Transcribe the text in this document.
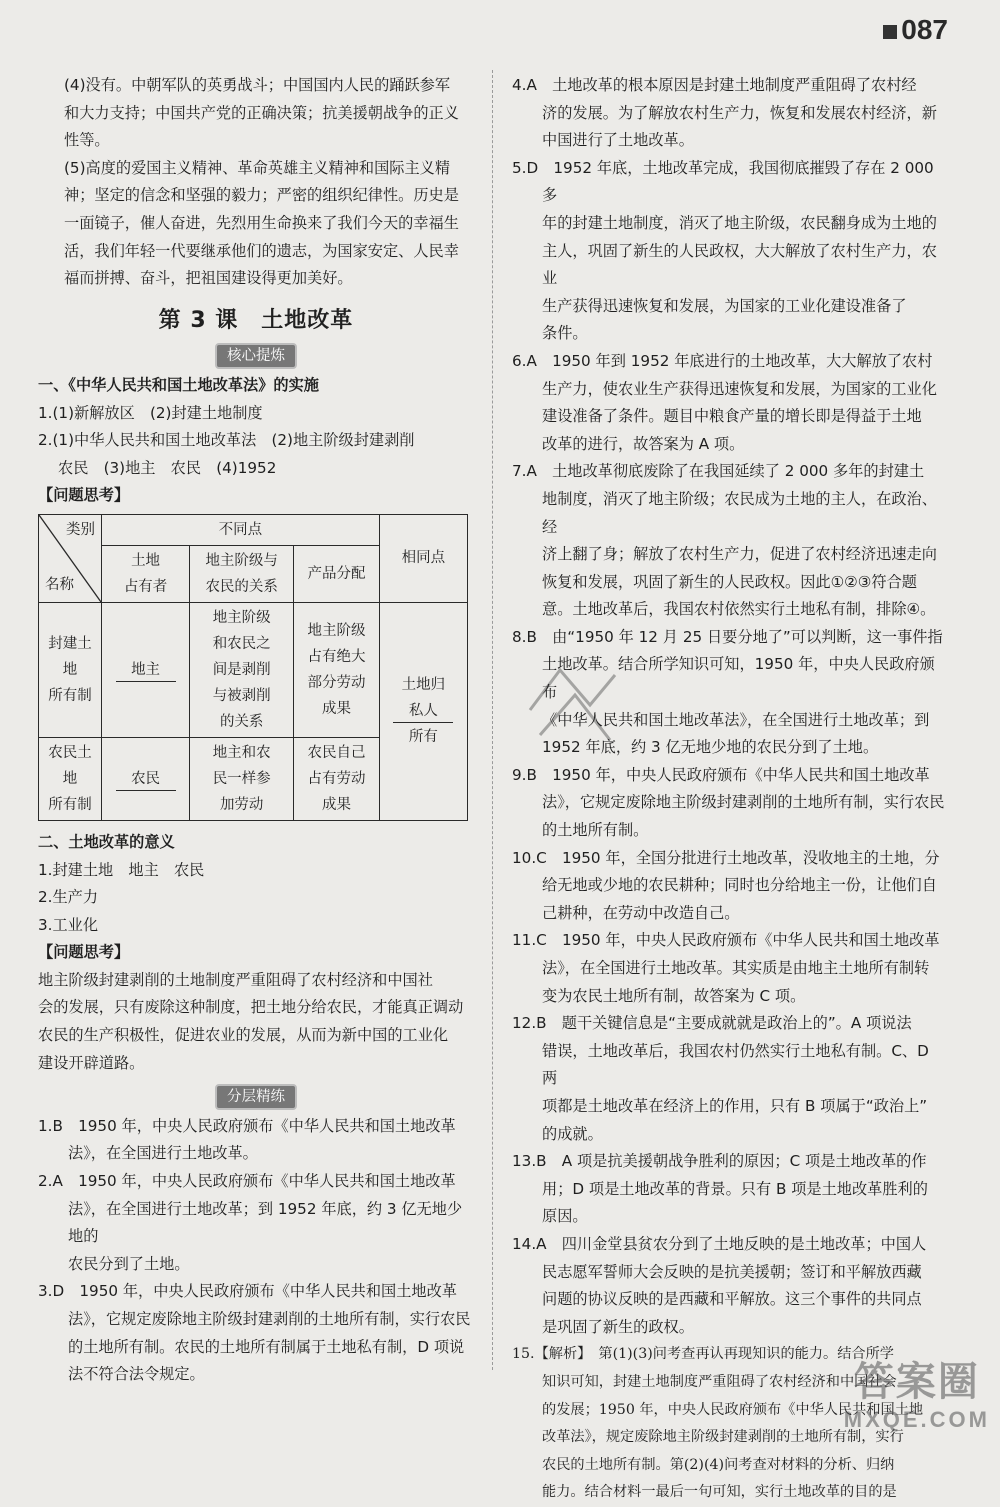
087

(4)没有。中朝军队的英勇战斗；中国国内人民的踊跃参军

和大力支持；中国共产党的正确决策；抗美援朝战争的正义

性等。

(5)高度的爱国主义精神、革命英雄主义精神和国际主义精

神；坚定的信念和坚强的毅力；严密的组织纪律性。历史是

一面镜子，催人奋进，先烈用生命换来了我们今天的幸福生

活，我们年轻一代要继承他们的遗志，为国家安定、人民幸

福而拼搏、奋斗，把祖国建设得更加美好。

第 3 课　土地改革
核心提炼

一、《中华人民共和国土地改革法》的实施

1.(1)新解放区　(2)封建土地制度

2.(1)中华人民共和国土地改革法　(2)地主阶级封建剥削

农民　(3)地主　农民　(4)1952

【问题思考】

类别
名称	不同点			相同点
	土地
占有者	地主阶级与
农民的关系	产品分配	
封建土地
所有制	地主	地主阶级
和农民之
间是剥削
与被剥削
的关系	地主阶级
占有绝大
部分劳动
成果	土地归
私人
所有
农民土地
所有制	农民	地主和农
民一样参
加劳动	农民自己
占有劳动
成果	

二、土地改革的意义

1.封建土地　地主　农民

2.生产力

3.工业化

【问题思考】

地主阶级封建剥削的土地制度严重阻碍了农村经济和中国社

会的发展，只有废除这种制度，把土地分给农民，才能真正调动

农民的生产积极性，促进农业的发展，从而为新中国的工业化

建设开辟道路。

分层精练

1.B　1950 年，中央人民政府颁布《中华人民共和国土地改革

法》，在全国进行土地改革。

2.A　1950 年，中央人民政府颁布《中华人民共和国土地改革

法》，在全国进行土地改革；到 1952 年底，约 3 亿无地少地的

农民分到了土地。

3.D　1950 年，中央人民政府颁布《中华人民共和国土地改革

法》，它规定废除地主阶级封建剥削的土地所有制，实行农民

的土地所有制。农民的土地所有制属于土地私有制，D 项说

法不符合法令规定。

4.A　土地改革的根本原因是封建土地制度严重阻碍了农村经

济的发展。为了解放农村生产力，恢复和发展农村经济，新

中国进行了土地改革。

5.D　1952 年底，土地改革完成，我国彻底摧毁了存在 2 000 多

年的封建土地制度，消灭了地主阶级，农民翻身成为土地的

主人，巩固了新生的人民政权，大大解放了农村生产力，农业

生产获得迅速恢复和发展，为国家的工业化建设准备了

条件。

6.A　1950 年到 1952 年底进行的土地改革，大大解放了农村

生产力，使农业生产获得迅速恢复和发展，为国家的工业化

建设准备了条件。题目中粮食产量的增长即是得益于土地

改革的进行，故答案为 A 项。

7.A　土地改革彻底废除了在我国延续了 2 000 多年的封建土

地制度，消灭了地主阶级；农民成为土地的主人，在政治、经

济上翻了身；解放了农村生产力，促进了农村经济迅速走向

恢复和发展，巩固了新生的人民政权。因此①②③符合题

意。土地改革后，我国农村依然实行土地私有制，排除④。

8.B　由“1950 年 12 月 25 日要分地了”可以判断，这一事件指

土地改革。结合所学知识可知，1950 年，中央人民政府颁布

《中华人民共和国土地改革法》，在全国进行土地改革；到

1952 年底，约 3 亿无地少地的农民分到了土地。

9.B　1950 年，中央人民政府颁布《中华人民共和国土地改革

法》，它规定废除地主阶级封建剥削的土地所有制，实行农民

的土地所有制。

10.C　1950 年，全国分批进行土地改革，没收地主的土地，分

给无地或少地的农民耕种；同时也分给地主一份，让他们自

己耕种，在劳动中改造自己。

11.C　1950 年，中央人民政府颁布《中华人民共和国土地改革

法》，在全国进行土地改革。其实质是由地主土地所有制转

变为农民土地所有制，故答案为 C 项。

12.B　题干关键信息是“主要成就就是政治上的”。A 项说法

错误，土地改革后，我国农村仍然实行土地私有制。C、D 两

项都是土地改革在经济上的作用，只有 B 项属于“政治上”

的成就。

13.B　A 项是抗美援朝战争胜利的原因；C 项是土地改革的作

用；D 项是土地改革的背景。只有 B 项是土地改革胜利的

原因。

14.A　四川金堂县贫农分到了土地反映的是土地改革；中国人

民志愿军誓师大会反映的是抗美援朝；签订和平解放西藏

问题的协议反映的是西藏和平解放。这三个事件的共同点

是巩固了新生的政权。

15.【解析】　第(1)(3)问考查再认再现知识的能力。结合所学

知识可知，封建土地制度严重阻碍了农村经济和中国社会

的发展；1950 年，中央人民政府颁布《中华人民共和国土地

改革法》，规定废除地主阶级封建剥削的土地所有制，实行

农民的土地所有制。第(2)(4)问考查对材料的分析、归纳

能力。结合材料一最后一句可知，实行土地改革的目的是

答案圈
MXQE.COM
